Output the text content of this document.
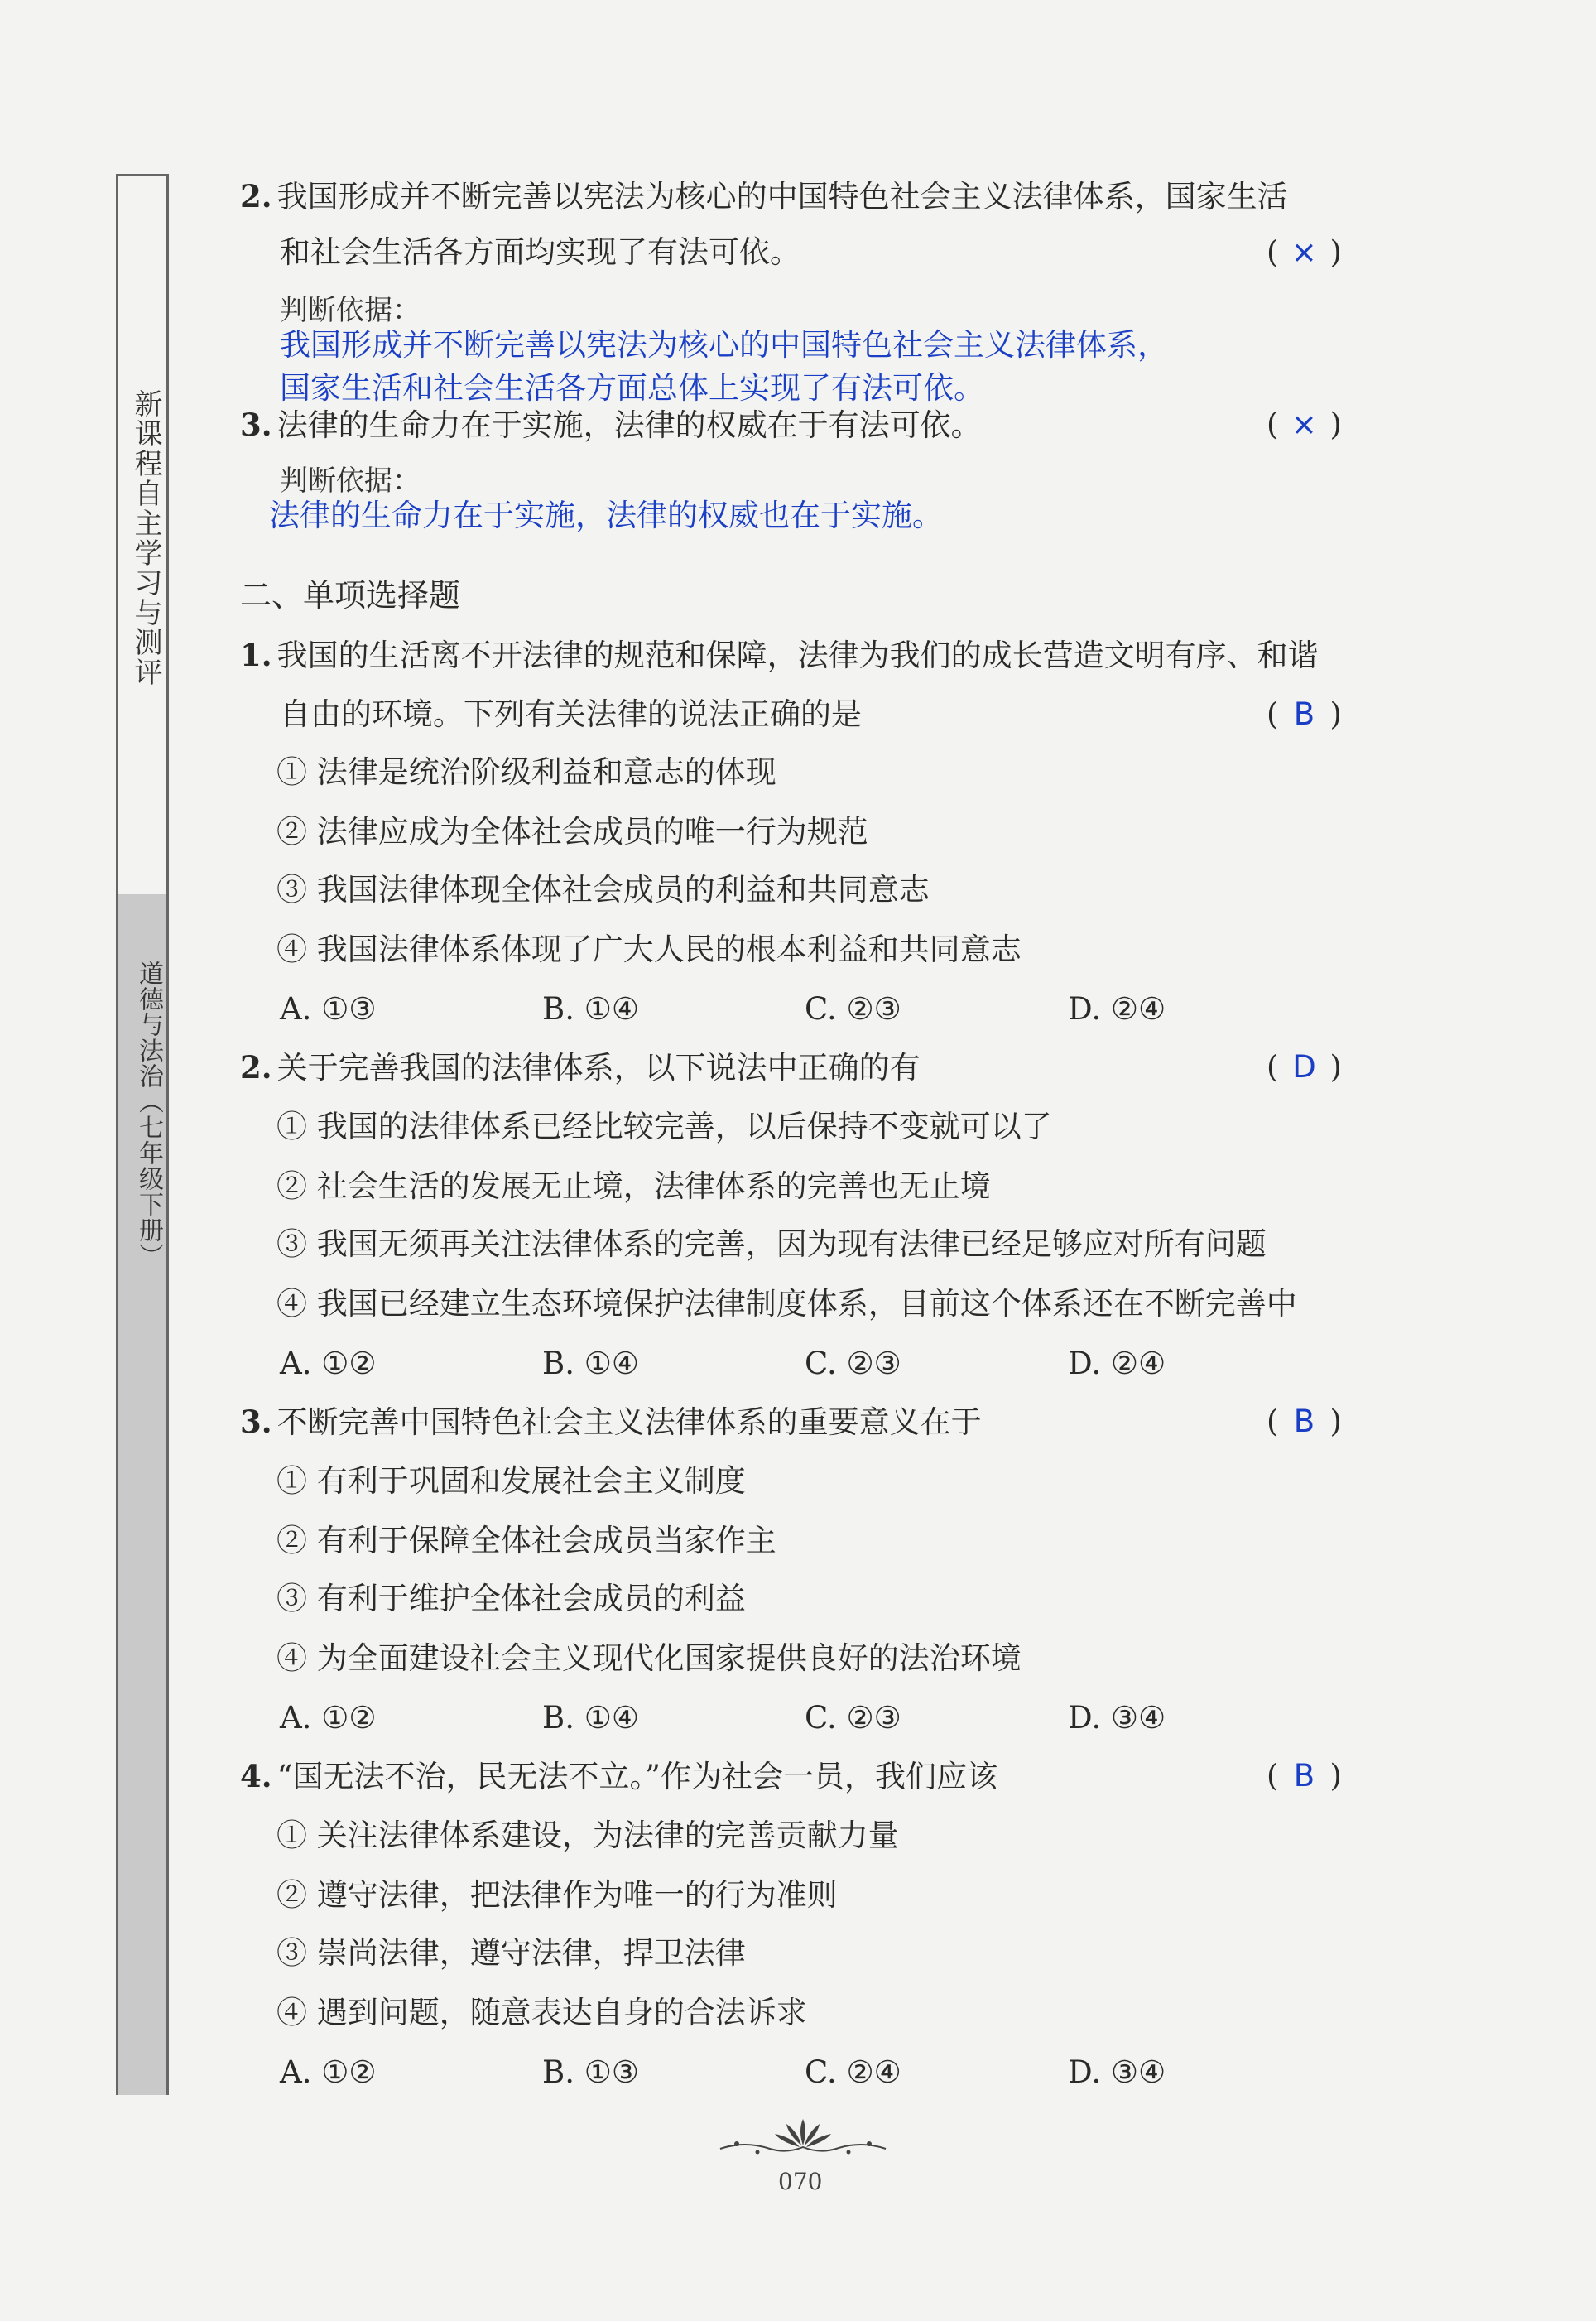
新课程自主学习与测评
道德与法治（七年级下册）
2. 我国形成并不断完善以宪法为核心的中国特色社会主义法律体系，国家生活
和社会生活各方面均实现了有法可依。	( × )
判断依据：
我国形成并不断完善以宪法为核心的中国特色社会主义法律体系，
国家生活和社会生活各方面总体上实现了有法可依。
3. 法律的生命力在于实施，法律的权威在于有法可依。	( × )
判断依据：
法律的生命力在于实施，法律的权威也在于实施。
二、单项选择题
1. 我国的生活离不开法律的规范和保障，法律为我们的成长营造文明有序、和谐
自由的环境。下列有关法律的说法正确的是	( B )
① 法律是统治阶级利益和意志的体现
② 法律应成为全体社会成员的唯一行为规范
③ 我国法律体现全体社会成员的利益和共同意志
④ 我国法律体系体现了广大人民的根本利益和共同意志
A. ①③	B. ①④	C. ②③	D. ②④
2. 关于完善我国的法律体系，以下说法中正确的有	( D )
① 我国的法律体系已经比较完善，以后保持不变就可以了
② 社会生活的发展无止境，法律体系的完善也无止境
③ 我国无须再关注法律体系的完善，因为现有法律已经足够应对所有问题
④ 我国已经建立生态环境保护法律制度体系，目前这个体系还在不断完善中
A. ①②	B. ①④	C. ②③	D. ②④
3. 不断完善中国特色社会主义法律体系的重要意义在于	( B )
① 有利于巩固和发展社会主义制度
② 有利于保障全体社会成员当家作主
③ 有利于维护全体社会成员的利益
④ 为全面建设社会主义现代化国家提供良好的法治环境
A. ①②	B. ①④	C. ②③	D. ③④
4. “国无法不治，民无法不立。”作为社会一员，我们应该	( B )
① 关注法律体系建设，为法律的完善贡献力量
② 遵守法律，把法律作为唯一的行为准则
③ 崇尚法律，遵守法律，捍卫法律
④ 遇到问题，随意表达自身的合法诉求
A. ①②	B. ①③	C. ②④	D. ③④
070
